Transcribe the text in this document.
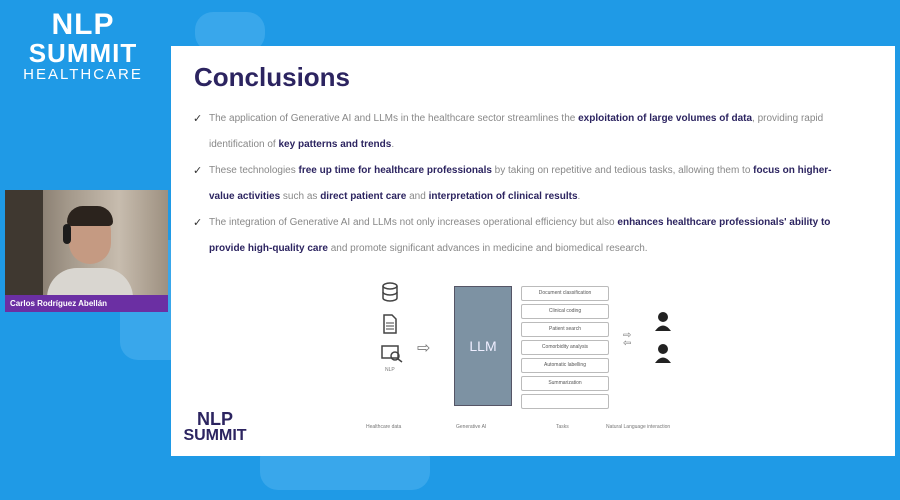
NLP
SUMMIT
HEALTHCARE
Carlos Rodríguez Abellán
Conclusions
✓ The application of Generative AI and LLMs in the healthcare sector streamlines the exploitation of large volumes of data, providing rapid identification of key patterns and trends.
✓ These technologies free up time for healthcare professionals by taking on repetitive and tedious tasks, allowing them to focus on higher-value activities such as direct patient care and interpretation of clinical results.
✓ The integration of Generative AI and LLMs not only increases operational efficiency but also enhances healthcare professionals' ability to provide high-quality care and promote significant advances in medicine and biomedical research.
NLP
⇨	LLM
Document classification
Clinical coding
Patient search
Comorbidity analysis
Automatic labelling
Summarization
⇨
⇦
Healthcare data	Generative AI	Tasks	Natural Language interaction
NLP
SUMMIT
